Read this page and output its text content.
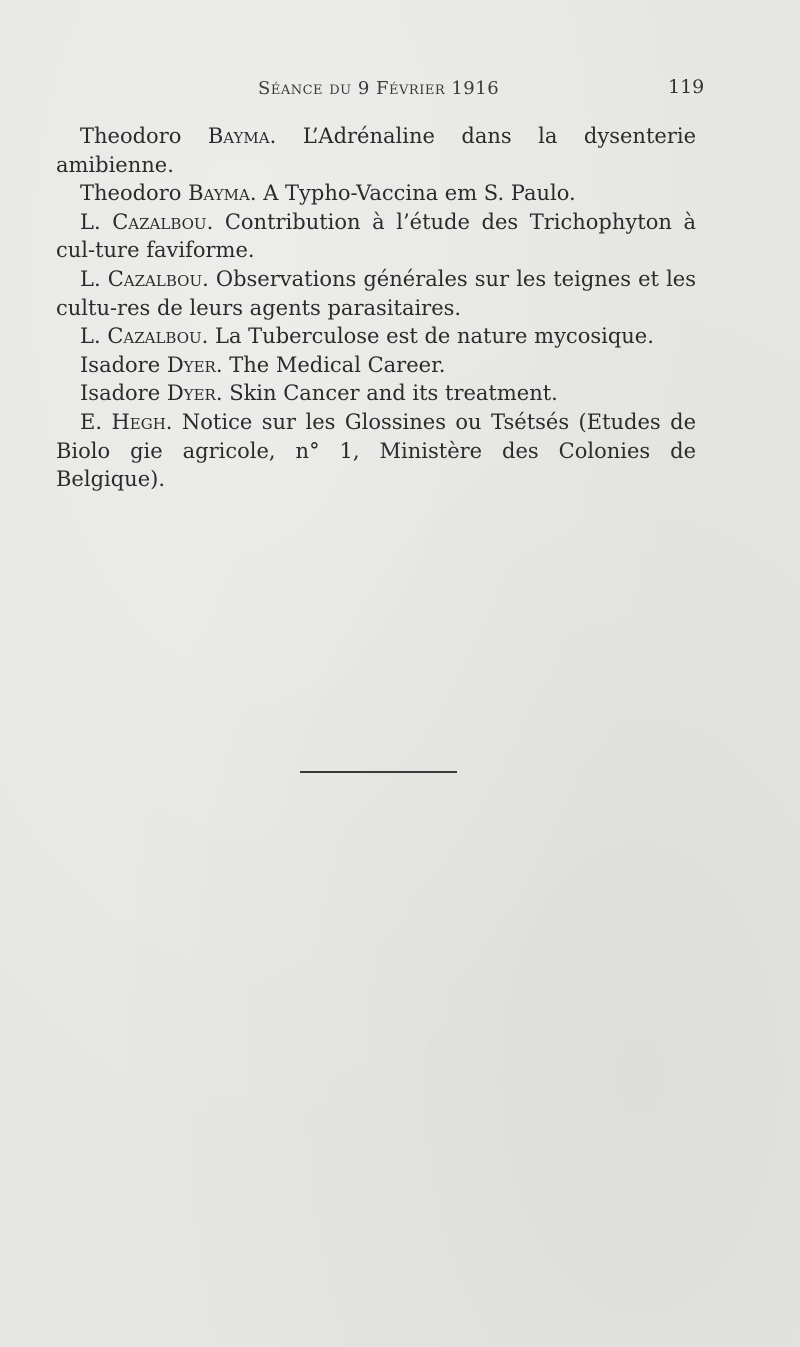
Séance du 9 Février 1916	119

Theodoro Bayma. L’Adrénaline dans la dysenterie amibienne.

Theodoro Bayma. A Typho-Vaccina em S. Paulo.

L. Cazalbou. Contribution à l’étude des Trichophyton à cul-ture faviforme.

L. Cazalbou. Observations générales sur les teignes et les cultu-res de leurs agents parasitaires.

L. Cazalbou. La Tuberculose est de nature mycosique.

Isadore Dyer. The Medical Career.

Isadore Dyer. Skin Cancer and its treatment.

E. Hegh. Notice sur les Glossines ou Tsétsés (Etudes de Biolo gie agricole, n° 1, Ministère des Colonies de Belgique).
